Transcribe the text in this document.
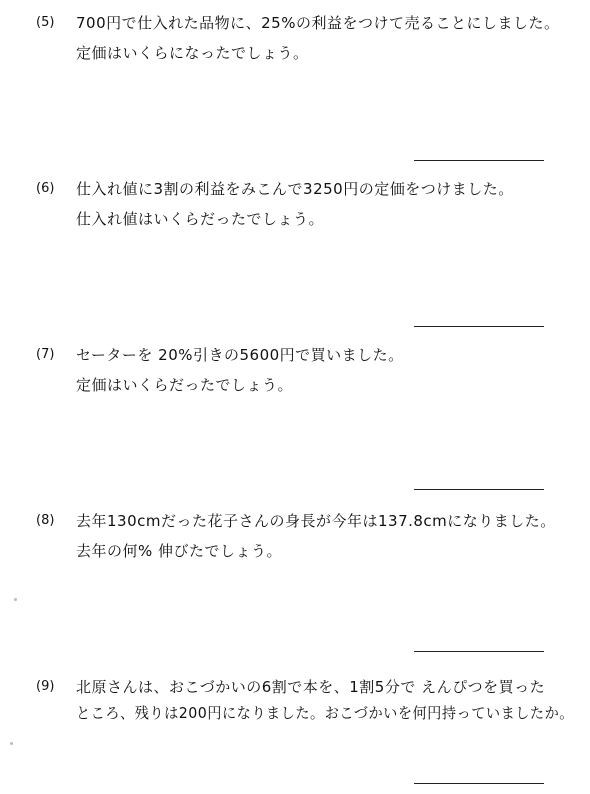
(5) 700円で仕入れた品物に、25%の利益をつけて売ることにしました。
定価はいくらになったでしょう。
(6) 仕入れ値に3割の利益をみこんで3250円の定価をつけました。
仕入れ値はいくらだったでしょう。
(7) セーターを 20%引きの5600円で買いました。
定価はいくらだったでしょう。
(8) 去年130cmだった花子さんの身長が今年は137.8cmになりました。
去年の何% 伸びたでしょう。
(9) 北原さんは、おこづかいの6割で本を、1割5分で えんぴつを買った
ところ、残りは200円になりました。おこづかいを何円持っていましたか。
